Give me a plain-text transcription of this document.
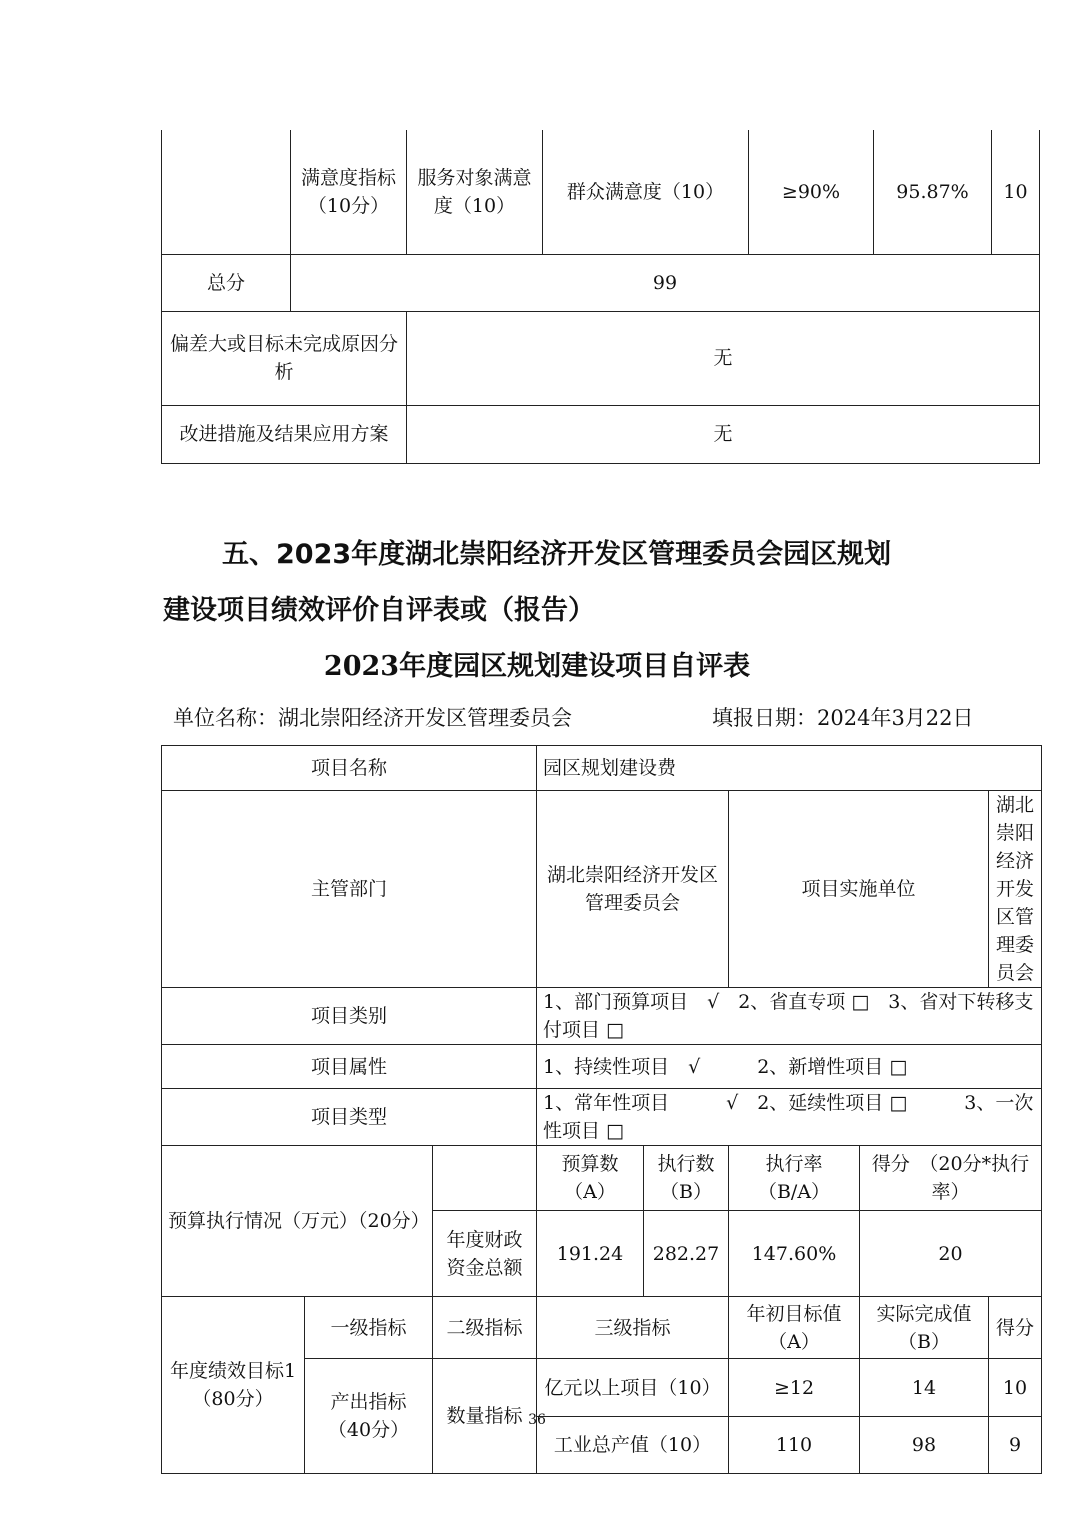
	满意度指标（10分）	服务对象满意度（10）	群众满意度（10）	≥90%	95.87%	10
总分	99					
偏差大或目标未完成原因分析		无				
改进措施及结果应用方案		无				
五、2023年度湖北崇阳经济开发区管理委员会园区规划
建设项目绩效评价自评表或（报告）
2023年度园区规划建设项目自评表
单位名称：湖北崇阳经济开发区管理委员会	填报日期：2024年3月22日
项目名称			园区规划建设费				
主管部门			湖北崇阳经济开发区管理委员会		项目实施单位		湖北崇阳经济开发区管理委员会
项目类别			1、部门预算项目　√　2、省直专项 □　3、省对下转移支付项目 □				
项目属性			1、持续性项目　√　　　2、新增性项目 □				
项目类型			1、常年性项目　　　√　2、延续性项目 □　　　3、一次性项目 □				
预算执行情况（万元）（20分）			预算数（A）	执行数（B）	执行率（B/A）	得分　（20分*执行率）	
		年度财政资金总额	191.24	282.27	147.60%	20	
年度绩效目标1（80分）	一级指标	二级指标	三级指标		年初目标值（A）	实际完成值（B）	得分
	产出指标（40分）	数量指标	亿元以上项目（10）		≥12	14	10
			工业总产值（10）		110	98	9
36
